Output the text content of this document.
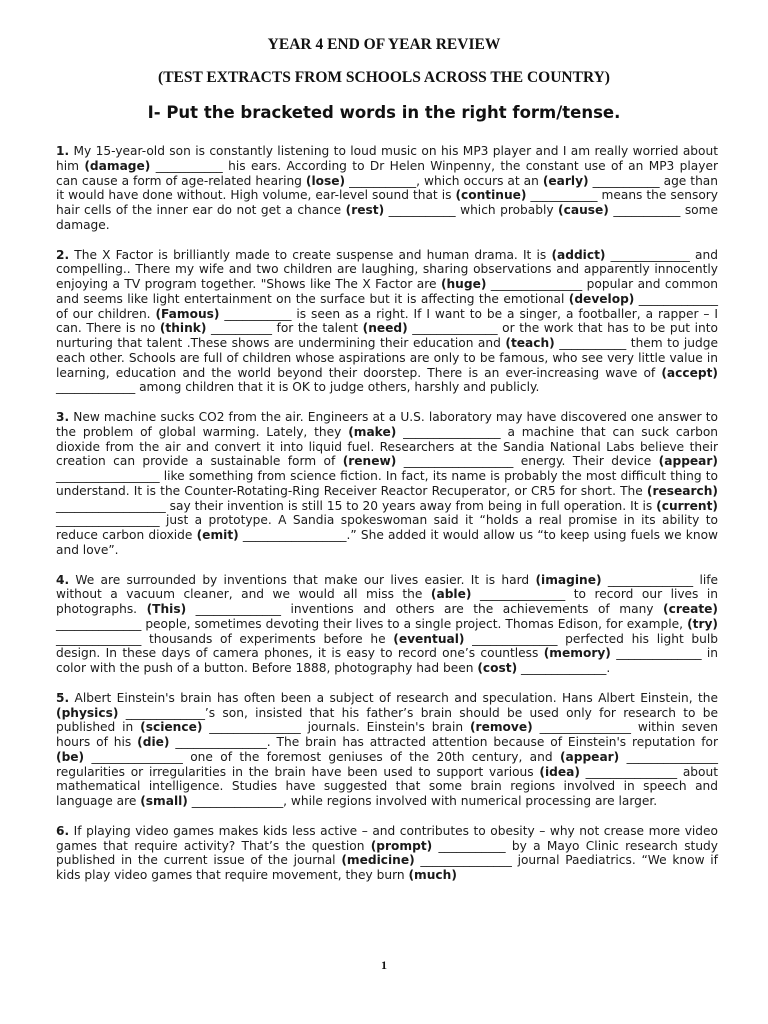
YEAR 4 END OF YEAR REVIEW

(TEST EXTRACTS FROM SCHOOLS ACROSS THE COUNTRY)

I- Put the bracketed words in the right form/tense.

1. My 15-year-old son is constantly listening to loud music on his MP3 player and I am really worried about him (damage) ___________ his ears. According to Dr Helen Winpenny, the constant use of an MP3 player can cause a form of age-related hearing (lose) ___________, which occurs at an (early) ___________ age than it would have done without. High volume, ear-level sound that is (continue) ___________ means the sensory hair cells of the inner ear do not get a chance (rest) ___________ which probably (cause) ___________ some damage.

2. The X Factor is brilliantly made to create suspense and human drama. It is (addict) _____________ and compelling.. There my wife and two children are laughing, sharing observations and apparently innocently enjoying a TV program together. "Shows like The X Factor are (huge) _______________ popular and common and seems like light entertainment on the surface but it is affecting the emotional (develop) _____________ of our children. (Famous) ___________ is seen as a right. If I want to be a singer, a footballer, a rapper – I can. There is no (think) __________ for the talent (need) ______________ or the work that has to be put into nurturing that talent .These shows are undermining their education and (teach) ___________ them to judge each other. Schools are full of children whose aspirations are only to be famous, who see very little value in learning, education and the world beyond their doorstep. There is an ever-increasing wave of (accept) _____________ among children that it is OK to judge others, harshly and publicly.

3. New machine sucks CO2 from the air. Engineers at a U.S. laboratory may have discovered one answer to the problem of global warming. Lately, they (make) ________________ a machine that can suck carbon dioxide from the air and convert it into liquid fuel. Researchers at the Sandia National Labs believe their creation can provide a sustainable form of (renew) __________________ energy. Their device (appear) _________________ like something from science fiction. In fact, its name is probably the most difficult thing to understand. It is the Counter-Rotating-Ring Receiver Reactor Recuperator, or CR5 for short. The (research) __________________ say their invention is still 15 to 20 years away from being in full operation. It is (current) _________________ just a prototype. A Sandia spokeswoman said it “holds a real promise in its ability to reduce carbon dioxide (emit) _________________.” She added it would allow us “to keep using fuels we know and love”.

4. We are surrounded by inventions that make our lives easier. It is hard (imagine) ______________ life without a vacuum cleaner, and we would all miss the (able) ______________ to record our lives in photographs. (This) ______________ inventions and others are the achievements of many (create) ______________ people, sometimes devoting their lives to a single project. Thomas Edison, for example, (try) ______________ thousands of experiments before he (eventual) ______________ perfected his light bulb design. In these days of camera phones, it is easy to record one’s countless (memory) ______________ in color with the push of a button. Before 1888, photography had been (cost) ______________.

5. Albert Einstein's brain has often been a subject of research and speculation. Hans Albert Einstein, the (physics) _____________’s son, insisted that his father’s brain should be used only for research to be published in (science) _______________ journals. Einstein's brain (remove) _______________ within seven hours of his (die) _______________. The brain has attracted attention because of Einstein's reputation for (be) _______________ one of the foremost geniuses of the 20th century, and (appear) _______________ regularities or irregularities in the brain have been used to support various (idea) _______________ about mathematical intelligence. Studies have suggested that some brain regions involved in speech and language are (small) _______________, while regions involved with numerical processing are larger.

6. If playing video games makes kids less active – and contributes to obesity – why not crease more video games that require activity? That’s the question (prompt) ___________ by a Mayo Clinic research study published in the current issue of the journal (medicine) _______________ journal Paediatrics. “We know if kids play video games that require movement, they burn (much)

1
